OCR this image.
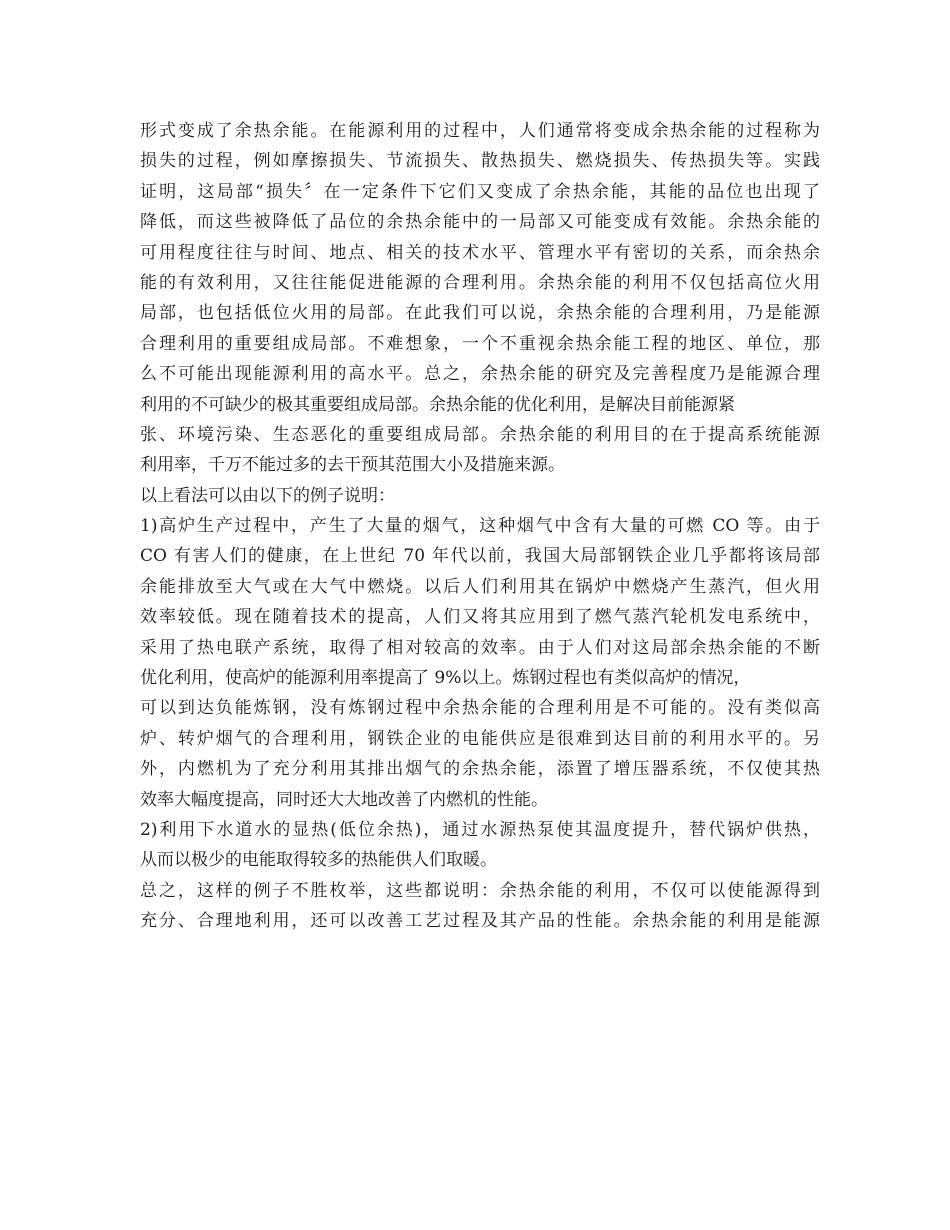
形式变成了余热余能。在能源利用的过程中，人们通常将变成余热余能的过程称为
损失的过程，例如摩擦损失、节流损失、散热损失、燃烧损失、传热损失等。实践
证明，这局部“损失〞在一定条件下它们又变成了余热余能，其能的品位也出现了
降低，而这些被降低了品位的余热余能中的一局部又可能变成有效能。余热余能的
可用程度往往与时间、地点、相关的技术水平、管理水平有密切的关系，而余热余
能的有效利用，又往往能促进能源的合理利用。余热余能的利用不仅包括高位火用
局部，也包括低位火用的局部。在此我们可以说，余热余能的合理利用，乃是能源
合理利用的重要组成局部。不难想象，一个不重视余热余能工程的地区、单位，那
么不可能出现能源利用的高水平。总之，余热余能的研究及完善程度乃是能源合理
利用的不可缺少的极其重要组成局部。余热余能的优化利用，是解决目前能源紧
张、环境污染、生态恶化的重要组成局部。余热余能的利用目的在于提高系统能源
利用率，千万不能过多的去干预其范围大小及措施来源。
以上看法可以由以下的例子说明：
1)高炉生产过程中，产生了大量的烟气，这种烟气中含有大量的可燃 CO 等。由于
CO 有害人们的健康，在上世纪 70 年代以前，我国大局部钢铁企业几乎都将该局部
余能排放至大气或在大气中燃烧。以后人们利用其在锅炉中燃烧产生蒸汽，但火用
效率较低。现在随着技术的提高，人们又将其应用到了燃气蒸汽轮机发电系统中，
采用了热电联产系统，取得了相对较高的效率。由于人们对这局部余热余能的不断
优化利用，使高炉的能源利用率提高了 9%以上。炼钢过程也有类似高炉的情况，
可以到达负能炼钢，没有炼钢过程中余热余能的合理利用是不可能的。没有类似高
炉、转炉烟气的合理利用，钢铁企业的电能供应是很难到达目前的利用水平的。另
外，内燃机为了充分利用其排出烟气的余热余能，添置了增压器系统，不仅使其热
效率大幅度提高，同时还大大地改善了内燃机的性能。
2)利用下水道水的显热(低位余热)，通过水源热泵使其温度提升，替代锅炉供热，
从而以极少的电能取得较多的热能供人们取暖。
总之，这样的例子不胜枚举，这些都说明：余热余能的利用，不仅可以使能源得到
充分、合理地利用，还可以改善工艺过程及其产品的性能。余热余能的利用是能源
